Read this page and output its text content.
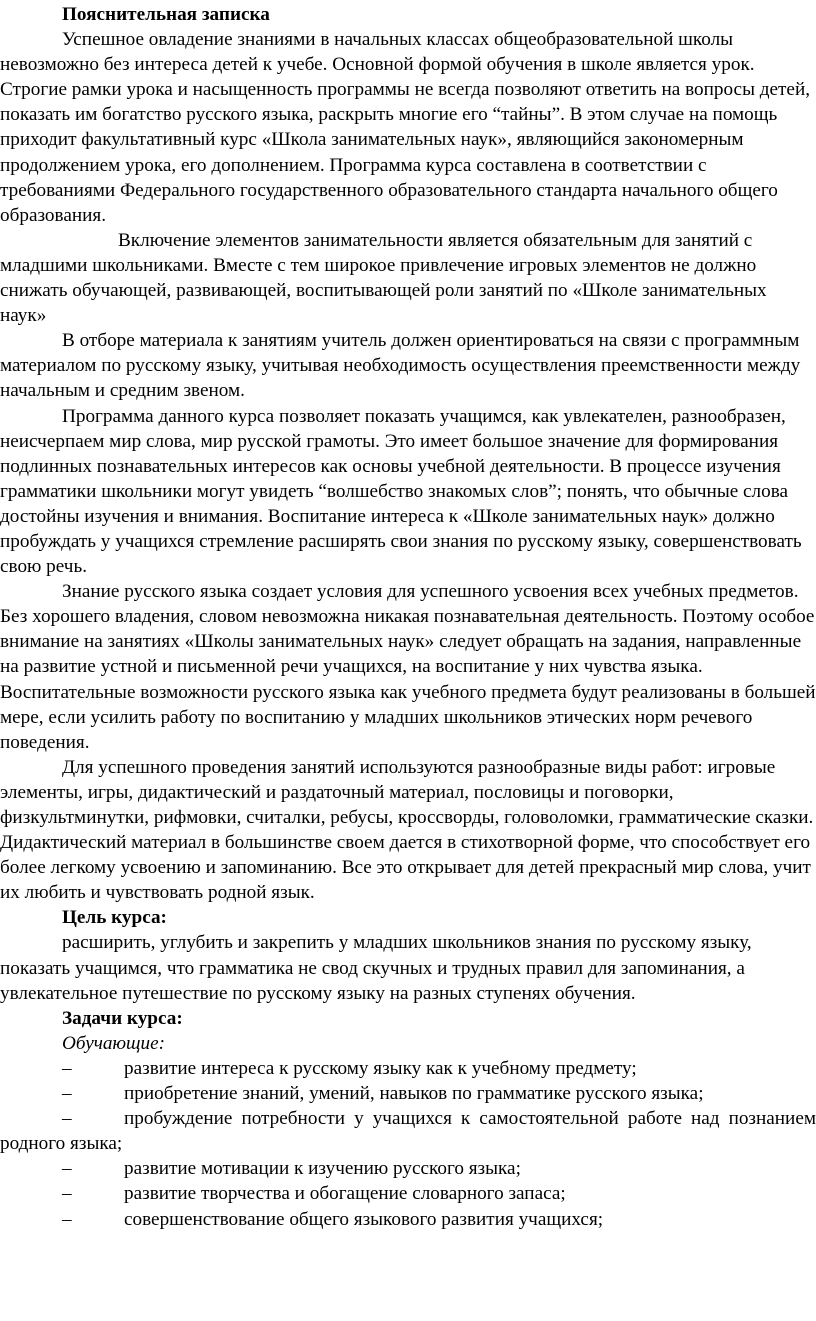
Пояснительная записка

Успешное овладение знаниями в начальных классах общеобразовательной школы невозможно без интереса детей к учебе. Основной формой обучения в школе является урок. Строгие рамки урока и насыщенность программы не всегда позволяют ответить на вопросы детей, показать им богатство русского языка, раскрыть многие его “тайны”. В этом случае на помощь приходит факультативный курс «Школа занимательных наук», являющийся закономерным продолжением урока, его дополнением. Программа курса составлена в соответствии с требованиями Федерального государственного образовательного стандарта начального общего образования.

Включение элементов занимательности является обязательным для занятий с младшими школьниками. Вместе с тем широкое привлечение игровых элементов не должно снижать обучающей, развивающей, воспитывающей роли занятий по «Школе занимательных наук»

В отборе материала к занятиям учитель должен ориентироваться на связи с программным материалом по русскому языку, учитывая необходимость осуществления преемственности между начальным и средним звеном.

Программа данного курса позволяет показать учащимся, как увлекателен, разнообразен, неисчерпаем мир слова, мир русской грамоты. Это имеет большое значение для формирования подлинных познавательных интересов как основы учебной деятельности. В процессе изучения грамматики школьники могут увидеть “волшебство знакомых слов”; понять, что обычные слова достойны изучения и внимания. Воспитание интереса к «Школе занимательных наук» должно пробуждать у учащихся стремление расширять свои знания по русскому языку, совершенствовать свою речь.

Знание русского языка создает условия для успешного усвоения всех учебных предметов. Без хорошего владения, словом невозможна никакая познавательная деятельность. Поэтому особое внимание на занятиях «Школы занимательных наук» следует обращать на задания, направленные на развитие устной и письменной речи учащихся, на воспитание у них чувства языка. Воспитательные возможности русского языка как учебного предмета будут реализованы в большей мере, если усилить работу по воспитанию у младших школьников этических норм речевого поведения.

Для успешного проведения занятий используются разнообразные виды работ: игровые элементы, игры, дидактический и раздаточный материал, пословицы и поговорки, физкультминутки, рифмовки, считалки, ребусы, кроссворды, головоломки, грамматические сказки. Дидактический материал в большинстве своем дается в стихотворной форме, что способствует его более легкому усвоению и запоминанию. Все это открывает для детей прекрасный мир слова, учит их любить и чувствовать родной язык.

Цель курса:

расширить, углубить и закрепить у младших школьников знания по русскому языку, показать учащимся, что грамматика не свод скучных и трудных правил для запоминания, а увлекательное путешествие по русскому языку на разных ступенях обучения.

Задачи курса:
Обучающие:
–	развитие интереса к русскому языку как к учебному предмету;
–	приобретение знаний, умений, навыков по грамматике русского языка;
–	пробуждение потребности у учащихся к самостоятельной работе над познанием родного языка;
–	развитие мотивации к изучению русского языка;
–	развитие творчества и обогащение словарного запаса;
–	совершенствование общего языкового развития учащихся;
